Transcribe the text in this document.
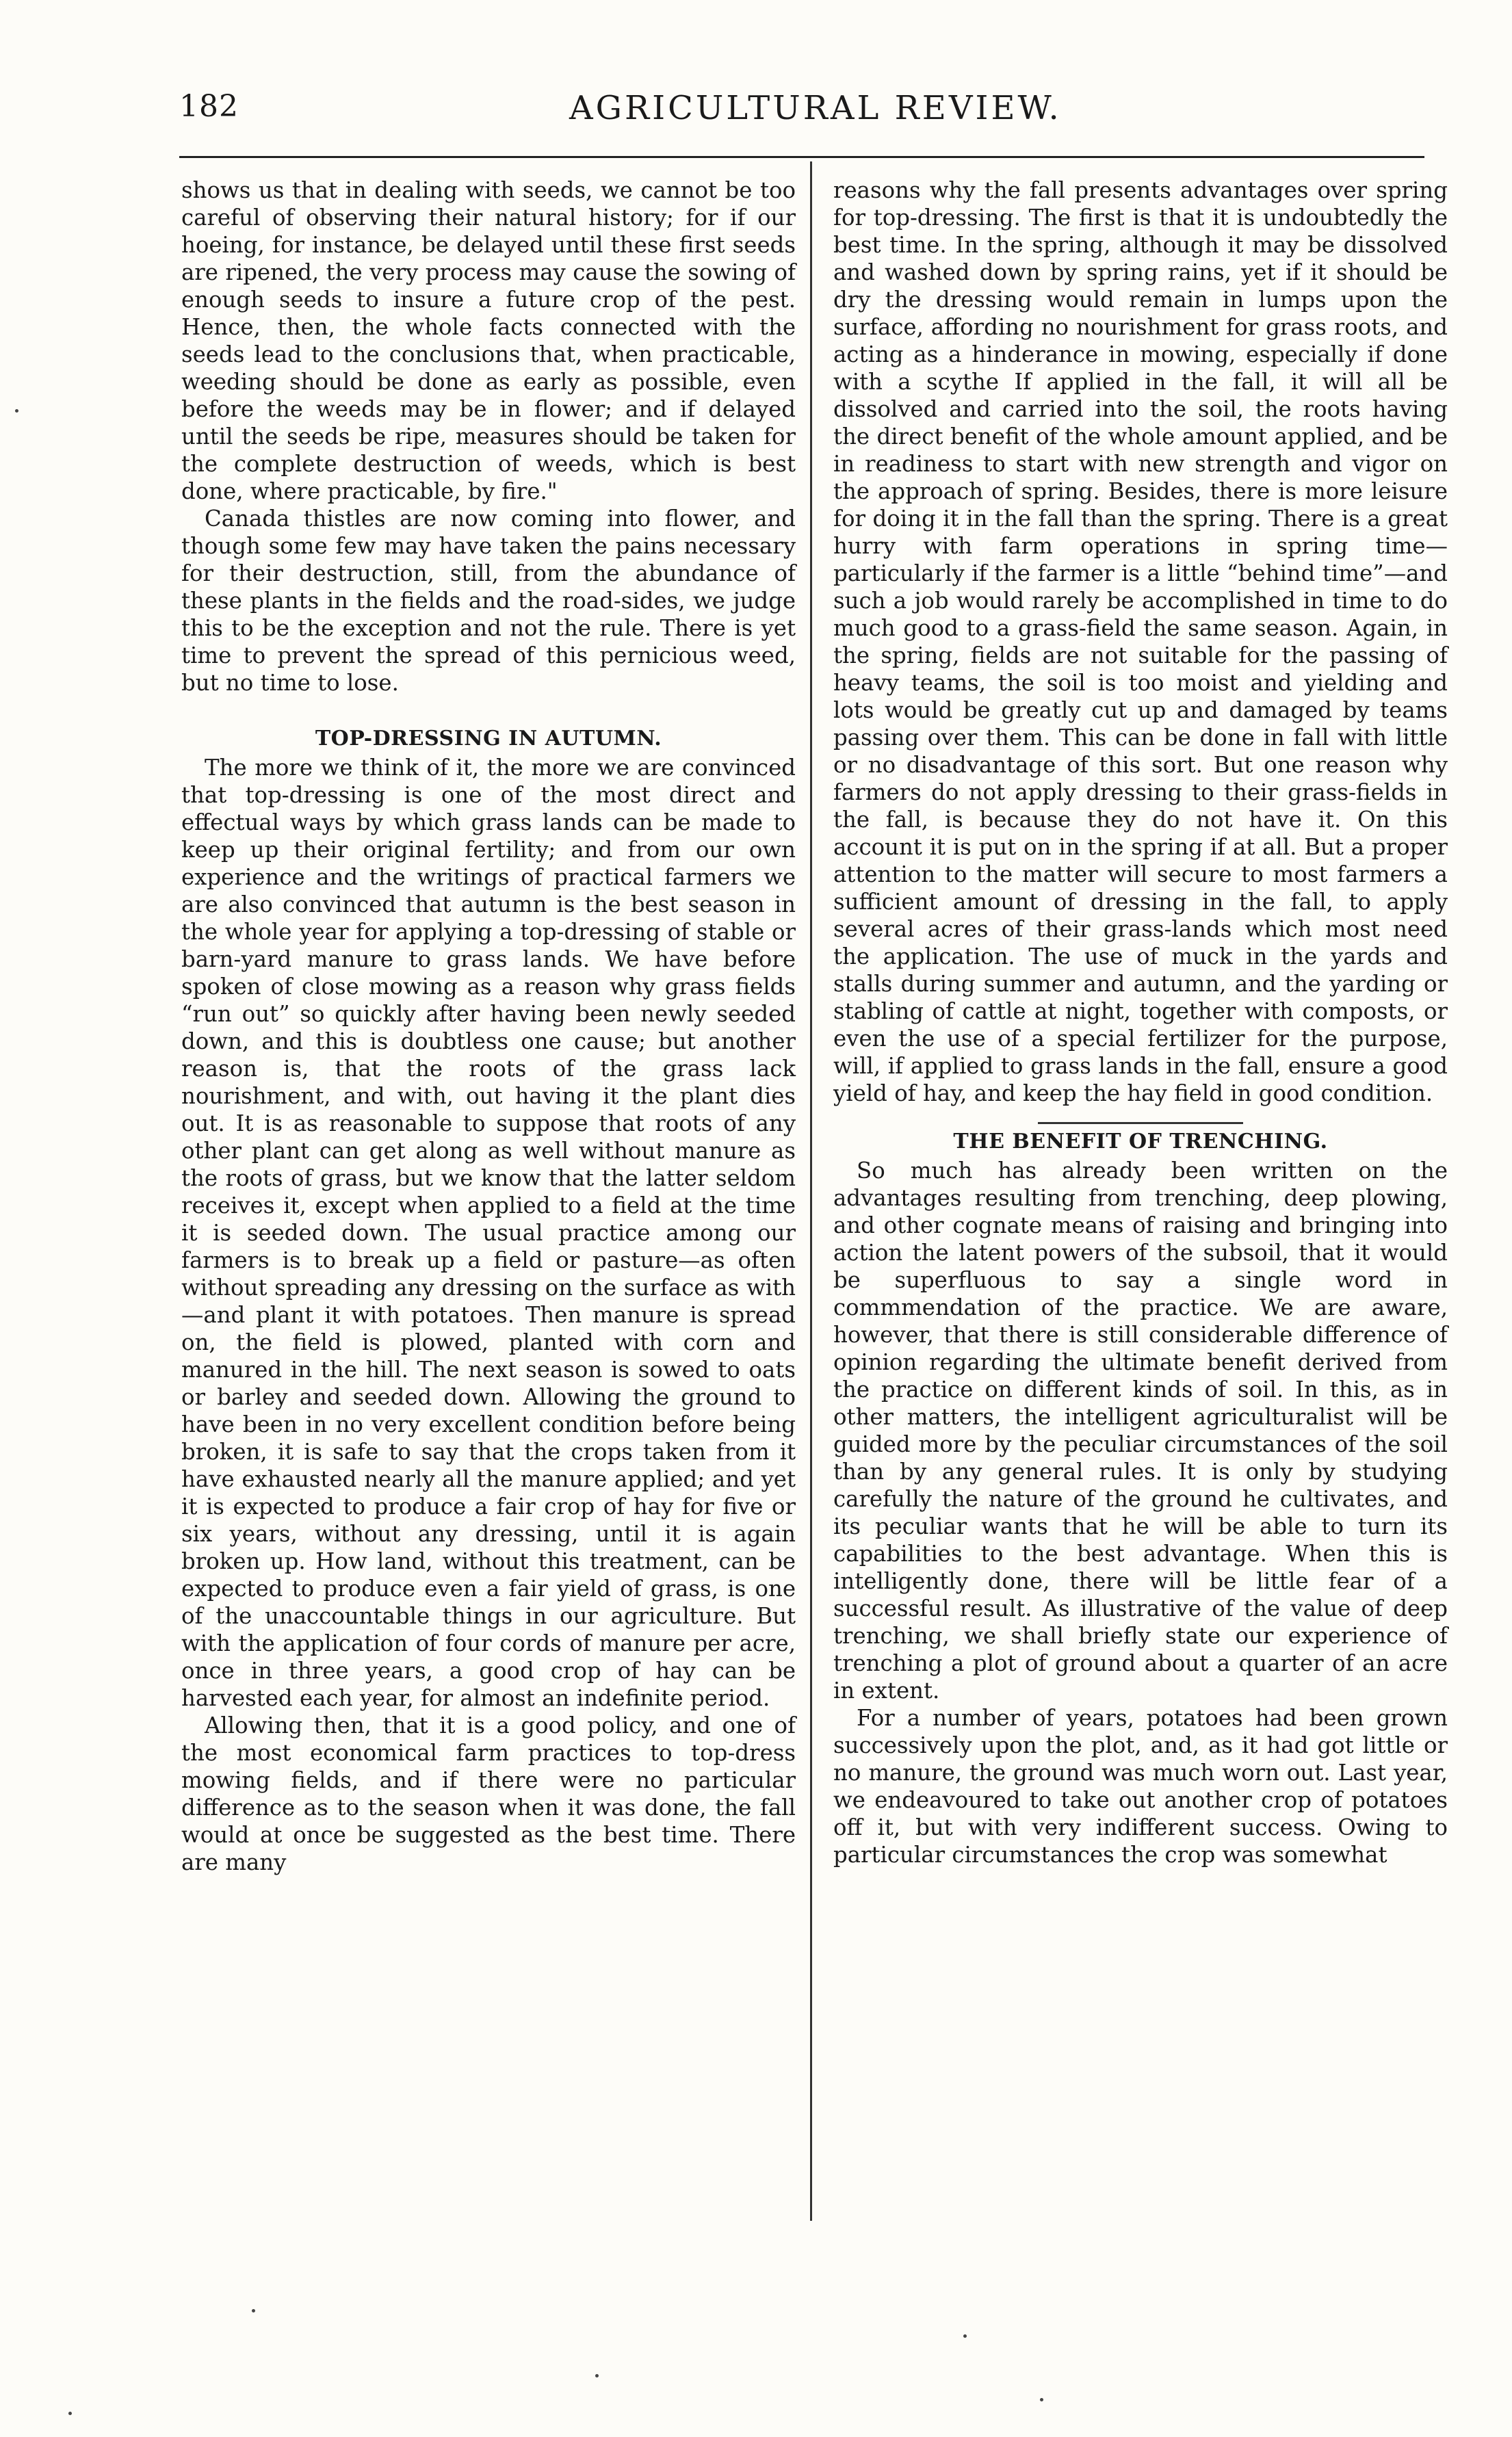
182	AGRICULTURAL REVIEW.

shows us that in dealing with seeds, we cannot be too careful of observing their natural history; for if our hoeing, for instance, be delayed until these first seeds are ripened, the very process may cause the sowing of enough seeds to insure a future crop of the pest. Hence, then, the whole facts connected with the seeds lead to the conclusions that, when practicable, weeding should be done as early as possible, even before the weeds may be in flower; and if delayed until the seeds be ripe, measures should be taken for the complete destruction of weeds, which is best done, where practicable, by fire."

Canada thistles are now coming into flower, and though some few may have taken the pains necessary for their destruction, still, from the abundance of these plants in the fields and the road-sides, we judge this to be the exception and not the rule. There is yet time to prevent the spread of this pernicious weed, but no time to lose.

TOP-DRESSING IN AUTUMN.

The more we think of it, the more we are convinced that top-dressing is one of the most direct and effectual ways by which grass lands can be made to keep up their original fertility; and from our own experience and the writings of practical farmers we are also convinced that autumn is the best season in the whole year for applying a top-dressing of stable or barn-yard manure to grass lands. We have before spoken of close mowing as a reason why grass fields “run out” so quickly after having been newly seeded down, and this is doubtless one cause; but another reason is, that the roots of the grass lack nourishment, and with, out having it the plant dies out. It is as reasonable to suppose that roots of any other plant can get along as well without manure as the roots of grass, but we know that the latter seldom receives it, except when applied to a field at the time it is seeded down. The usual practice among our farmers is to break up a field or pasture—as often without spreading any dressing on the surface as with—and plant it with potatoes. Then manure is spread on, the field is plowed, planted with corn and manured in the hill. The next season is sowed to oats or barley and seeded down. Allowing the ground to have been in no very excellent condition before being broken, it is safe to say that the crops taken from it have exhausted nearly all the manure applied; and yet it is expected to produce a fair crop of hay for five or six years, without any dressing, until it is again broken up. How land, without this treatment, can be expected to produce even a fair yield of grass, is one of the unaccountable things in our agriculture. But with the application of four cords of manure per acre, once in three years, a good crop of hay can be harvested each year, for almost an indefinite period.

Allowing then, that it is a good policy, and one of the most economical farm practices to top-dress mowing fields, and if there were no particular difference as to the season when it was done, the fall would at once be suggested as the best time. There are many

reasons why the fall presents advantages over spring for top-dressing. The first is that it is undoubtedly the best time. In the spring, although it may be dissolved and washed down by spring rains, yet if it should be dry the dressing would remain in lumps upon the surface, affording no nourishment for grass roots, and acting as a hinderance in mowing, especially if done with a scythe If applied in the fall, it will all be dissolved and carried into the soil, the roots having the direct benefit of the whole amount applied, and be in readiness to start with new strength and vigor on the approach of spring. Besides, there is more leisure for doing it in the fall than the spring. There is a great hurry with farm operations in spring time—particularly if the farmer is a little “behind time”—and such a job would rarely be accomplished in time to do much good to a grass-field the same season. Again, in the spring, fields are not suitable for the passing of heavy teams, the soil is too moist and yielding and lots would be greatly cut up and damaged by teams passing over them. This can be done in fall with little or no disadvantage of this sort. But one reason why farmers do not apply dressing to their grass-fields in the fall, is because they do not have it. On this account it is put on in the spring if at all. But a proper attention to the matter will secure to most farmers a sufficient amount of dressing in the fall, to apply several acres of their grass-lands which most need the application. The use of muck in the yards and stalls during summer and autumn, and the yarding or stabling of cattle at night, together with composts, or even the use of a special fertilizer for the purpose, will, if applied to grass lands in the fall, ensure a good yield of hay, and keep the hay field in good condition.

THE BENEFIT OF TRENCHING.

So much has already been written on the advantages resulting from trenching, deep plowing, and other cognate means of raising and bringing into action the latent powers of the subsoil, that it would be superfluous to say a single word in commmendation of the practice. We are aware, however, that there is still considerable difference of opinion regarding the ultimate benefit derived from the practice on different kinds of soil. In this, as in other matters, the intelligent agriculturalist will be guided more by the peculiar circumstances of the soil than by any general rules. It is only by studying carefully the nature of the ground he cultivates, and its peculiar wants that he will be able to turn its capabilities to the best advantage. When this is intelligently done, there will be little fear of a successful result. As illustrative of the value of deep trenching, we shall briefly state our experience of trenching a plot of ground about a quarter of an acre in extent.

For a number of years, potatoes had been grown successively upon the plot, and, as it had got little or no manure, the ground was much worn out. Last year, we endeavoured to take out another crop of potatoes off it, but with very indifferent success. Owing to particular circumstances the crop was somewhat
